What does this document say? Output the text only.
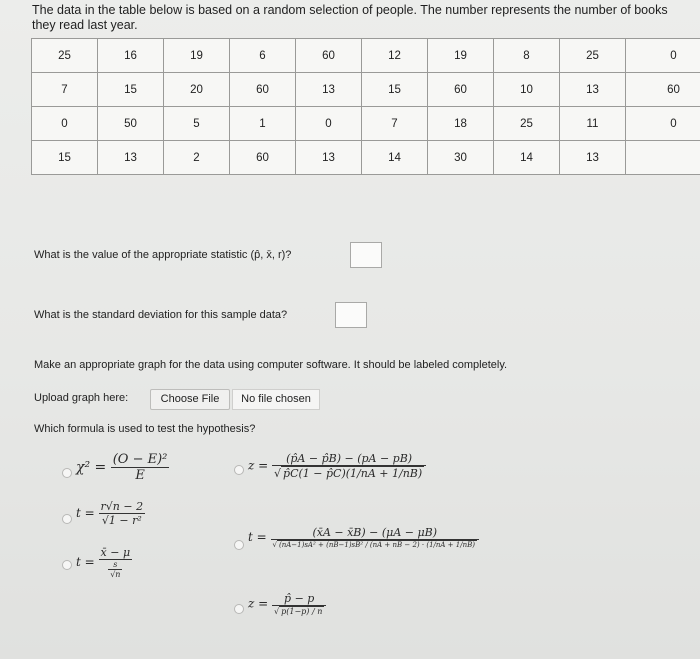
The data in the table below is based on a random selection of people. The number represents the number of books they read last year.
25	16	19	6	60	12	19	8	25	0
7	15	20	60	13	15	60	10	13	60
0	50	5	1	0	7	18	25	11	0
15	13	2	60	13	14	30	14	13	
What is the value of the appropriate statistic (p̂, x̄, r)?
What is the standard deviation for this sample data?
Make an appropriate graph for the data using computer software. It should be labeled completely.
Upload graph here:	Choose File	No file chosen
Which formula is used to test the hypothesis?
$\chi^2 = \frac{\text{(O − E)²}}{E}$
$t = \frac{r√n - 2}{\text{√1 − r²}}$
$t = \frac{x̄ - \mu}{\frac{s}{√n}}$
$z = \frac{(p̂A - p̂B) - (pA - pB)}{√ p̂C(1 - p̂C)(1/nA + 1/nB)}$
$t = \frac{(x̄A - x̄B) - (\mu A - \mu B)}{\text{√ (nA−1)sA² + (nB−1)sB² / (nA + nB − 2) · (1/nA + 1/nB)}}$
$z = \frac{p̂ - p}{√ p(1-p) / n}$
